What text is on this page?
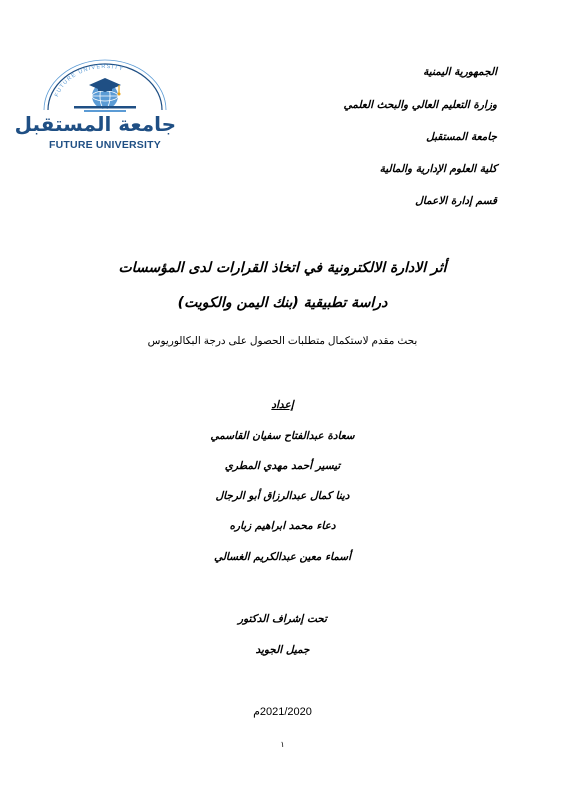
FUTURE UNIVERSITY
جامعة المستقبل
FUTURE UNIVERSITY
الجمهورية اليمنية
وزارة التعليم العالي والبحث العلمي
جامعة المستقبل
كلية العلوم الإدارية والمالية
قسم إدارة الاعمال
أثر الادارة الالكترونية في اتخاذ القرارات لدى المؤسسات
دراسة تطبيقية (بنك اليمن والكويت)
بحث مقدم لاستكمال متطلبات الحصول على درجة البكالوريوس
إعداد
سعادة عبدالفتاح سفيان القاسمي
تيسير أحمد مهدي المطري
دينا كمال عبدالرزاق أبو الرجال
دعاء محمد ابراهيم زباره
أسماء معين عبدالكريم الغسالي
تحت إشراف الدكتور
جميل الجويد
2021/2020م
١
